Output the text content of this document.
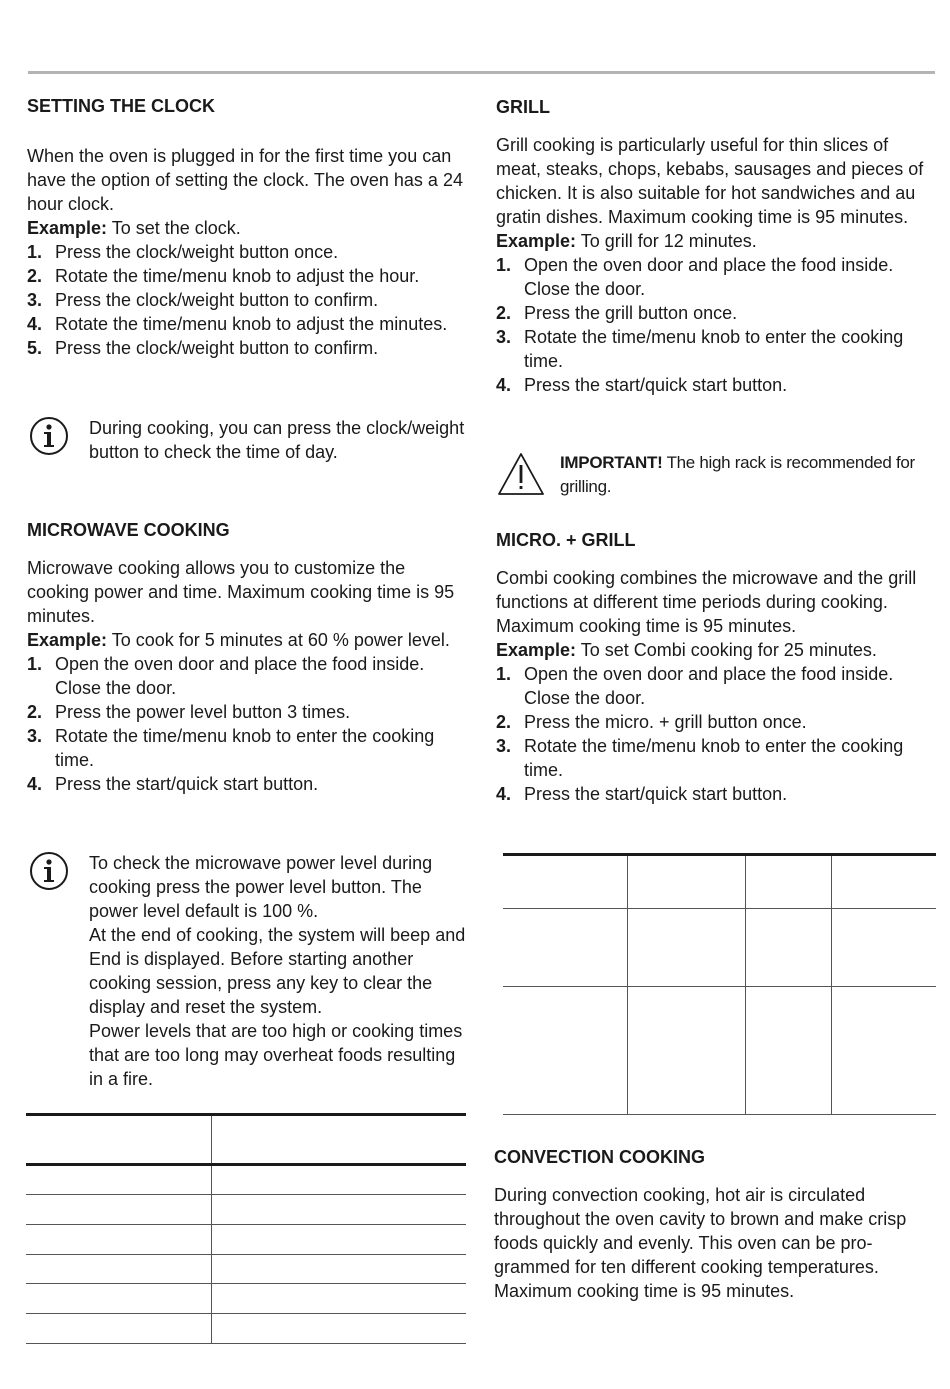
SETTING THE CLOCK

When the oven is plugged in for the first time you can have the option of setting the clock. The oven has a 24 hour clock.

Example: To set the clock.

1. Press the clock/weight button once.
2. Rotate the time/menu knob to adjust the hour.
3. Press the clock/weight button to confirm.
4. Rotate the time/menu knob to adjust the minutes.
5. Press the clock/weight button to confirm.

During cooking, you can press the clock/weight button to check the time of day.

MICROWAVE COOKING

Microwave cooking allows you to customize the cooking power and time. Maximum cooking time is 95 minutes.

Example: To cook for 5 minutes at 60 % power level.

1. Open the oven door and place the food inside. Close the door.
2. Press the power level button 3 times.
3. Rotate the time/menu knob to enter the cooking time.
4. Press the start/quick start button.

To check the microwave power level during cooking press the power level button. The power level default is 100 %.

At the end of cooking, the system will beep and End is displayed. Before starting another cooking session, press any key to clear the display and reset the system.

Power levels that are too high or cooking times that are too long may overheat foods resulting in a fire.

GRILL

Grill cooking is particularly useful for thin slices of meat, steaks, chops, kebabs, sausages and pieces of chicken. It is also suitable for hot sandwiches and au gratin dishes. Maximum cooking time is 95 minutes.

Example: To grill for 12 minutes.

1. Open the oven door and place the food inside. Close the door.
2. Press the grill button once.
3. Rotate the time/menu knob to enter the cooking time.
4. Press the start/quick start button.

IMPORTANT! The high rack is recommended for grilling.

MICRO. + GRILL

Combi cooking combines the microwave and the grill functions at different time periods during cooking.

Maximum cooking time is 95 minutes.

Example: To set Combi cooking for 25 minutes.

1. Open the oven door and place the food inside. Close the door.
2. Press the micro. + grill button once.
3. Rotate the time/menu knob to enter the cooking time.
4. Press the start/quick start button.

CONVECTION COOKING

During convection cooking, hot air is circulated throughout the oven cavity to brown and make crisp foods quickly and evenly. This oven can be pro-grammed for ten different cooking temperatures. Maximum cooking time is 95 minutes.
